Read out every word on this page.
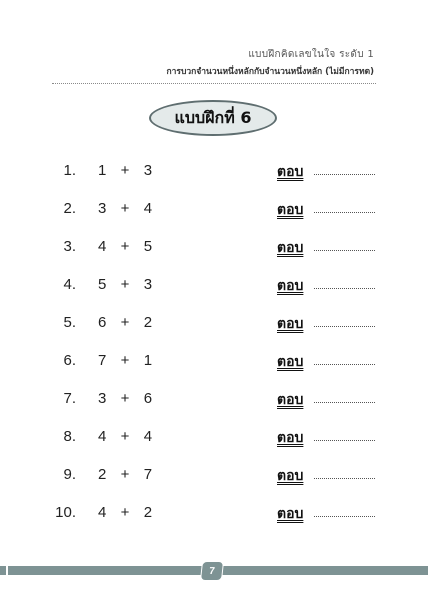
แบบฝึกคิดเลขในใจ ระดับ 1
การบวกจำนวนหนึ่งหลักกับจำนวนหนึ่งหลัก (ไม่มีการทด)
แบบฝึกที่ 6
1. 1  +  3	ตอบ
2. 3  +  4	ตอบ
3. 4  +  5	ตอบ
4. 5  +  3	ตอบ
5. 6  +  2	ตอบ
6. 7  +  1	ตอบ
7. 3  +  6	ตอบ
8. 4  +  4	ตอบ
9. 2  +  7	ตอบ
10. 4  +  2	ตอบ
7
